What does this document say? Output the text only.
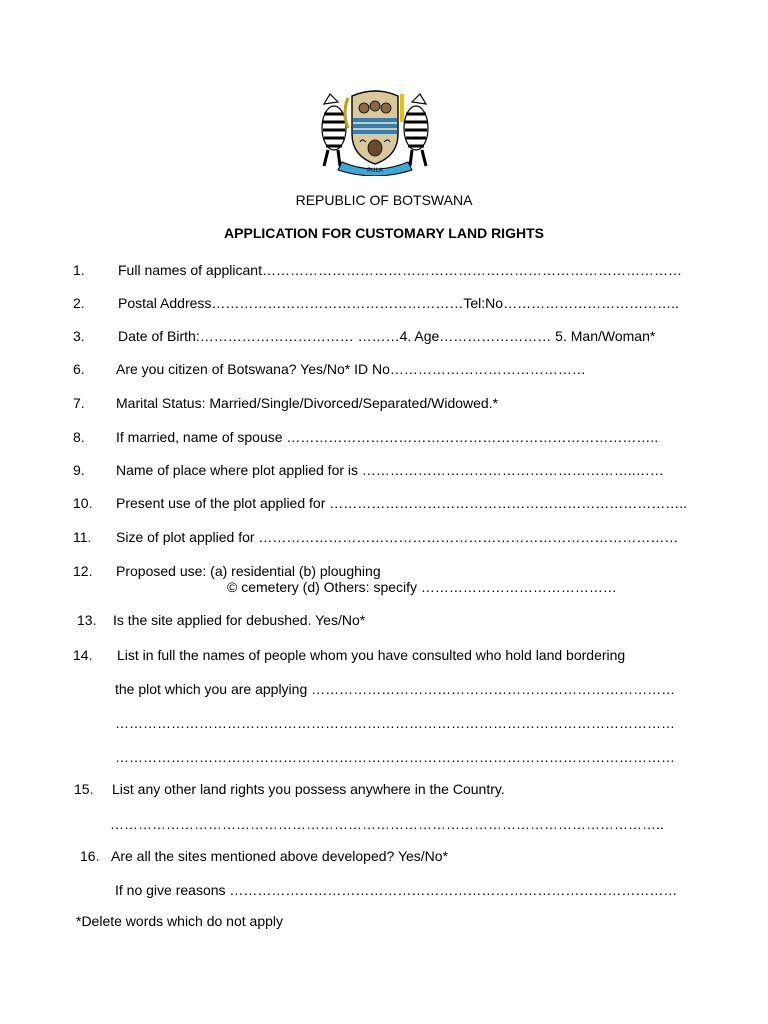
PULA
REPUBLIC OF BOTSWANA
APPLICATION FOR CUSTOMARY LAND RIGHTS
1. Full names of applicant………………………………………………………………………………
2. Postal Address………………………………………………Tel:No………………………………..
3. Date of Birth:…………………………… ………4. Age…………………… 5. Man/Woman*
6. Are you citizen of Botswana? Yes/No* ID No……………………………………
7. Marital Status: Married/Single/Divorced/Separated/Widowed.*
8. If married, name of spouse ……………………………………………………………………..
9. Name of place where plot applied for is …………………………………………………..……
10. Present use of the plot applied for …………………………………………………………………..
11. Size of plot applied for ………………………………………………………………………………
12. Proposed use: (a) residential (b) ploughing
© cemetery (d) Others: specify ……………………………………
13. Is the site applied for debushed. Yes/No*
14. List in full the names of people whom you have consulted who hold land bordering
the plot which you are applying ……………………………………………………………………
…………………………………………………………………………………………………………
…………………………………………………………………………………………………………
15. List any other land rights you possess anywhere in the Country.
………………………………………………………………………………………………………..
16. Are all the sites mentioned above developed? Yes/No*
If no give reasons ……………………………………………………………………………………
*Delete words which do not apply
